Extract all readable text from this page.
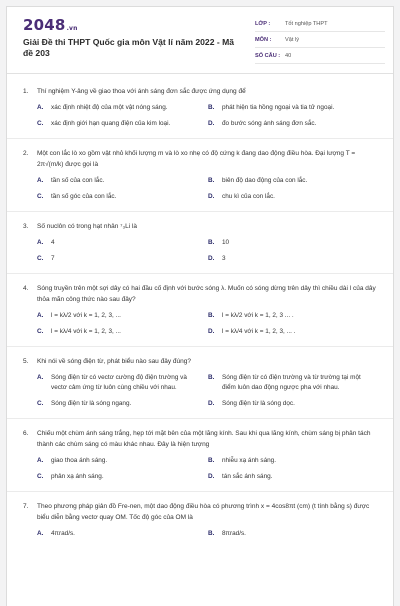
2048.vn
Giải Đề thi THPT Quốc gia môn Vật lí năm 2022 - Mã đề 203
LỚP :	Tốt nghiệp THPT
MÔN :	Vật lý
SỐ CÂU : 40
1.	Thí nghiệm Y-âng về giao thoa với ánh sáng đơn sắc được ứng dụng để
A.	xác định nhiệt độ của một vật nóng sáng.	B.	phát hiện tia hồng ngoại và tia tử ngoại.
C.	xác định giới hạn quang điện của kim loại.	D.	đo bước sóng ánh sáng đơn sắc.
2.	Một con lắc lò xo gồm vật nhỏ khối lượng m và lò xo nhẹ có độ cứng k đang dao động điều hòa. Đại lượng T = 2π√(m/k) được gọi là
A.	tần số của con lắc.	B.	biên độ dao động của con lắc.
C.	tần số góc của con lắc.	D.	chu kì của con lắc.
3.	Số nuclôn có trong hạt nhân ⁷₃Li là
A.	4	B.	10
C.	7	D.	3
4.	Sóng truyền trên một sợi dây có hai đầu cố định với bước sóng λ. Muốn có sóng dừng trên dây thì chiều dài l của dây thỏa mãn công thức nào sau đây?
A.	l = kλ/2 với k = 1, 2, 3, ...	B.	l = kλ/2 với k = 1, 2, 3 ... .
C.	l = kλ/4 với k = 1, 2, 3, ...	D.	l = kλ/4 với k = 1, 2, 3, ... .
5.	Khi nói về sóng điện từ, phát biểu nào sau đây đúng?
A.	Sóng điện từ có vectơ cường độ điện trường và vectơ cảm ứng từ luôn cùng chiều với nhau.
B.	Sóng điện từ có điện trường và từ trường tại một điểm luôn dao động ngược pha với nhau.
C.	Sóng điện từ là sóng ngang.	D.	Sóng điện từ là sóng dọc.
6.	Chiếu một chùm ánh sáng trắng, hẹp tới mặt bên của một lăng kính. Sau khi qua lăng kính, chùm sáng bị phân tách thành các chùm sáng có màu khác nhau. Đây là hiện tượng
A.	giao thoa ánh sáng.	B.	nhiễu xạ ánh sáng.
C.	phản xạ ánh sáng.	D.	tán sắc ánh sáng.
7.	Theo phương pháp giản đồ Fre-nen, một dao động điều hòa có phương trình x = 4cos8πt (cm) (t tính bằng s) được biểu diễn bằng vectơ quay OM. Tốc độ góc của OM là
A.	4πrad/s.	B.	8πrad/s.
